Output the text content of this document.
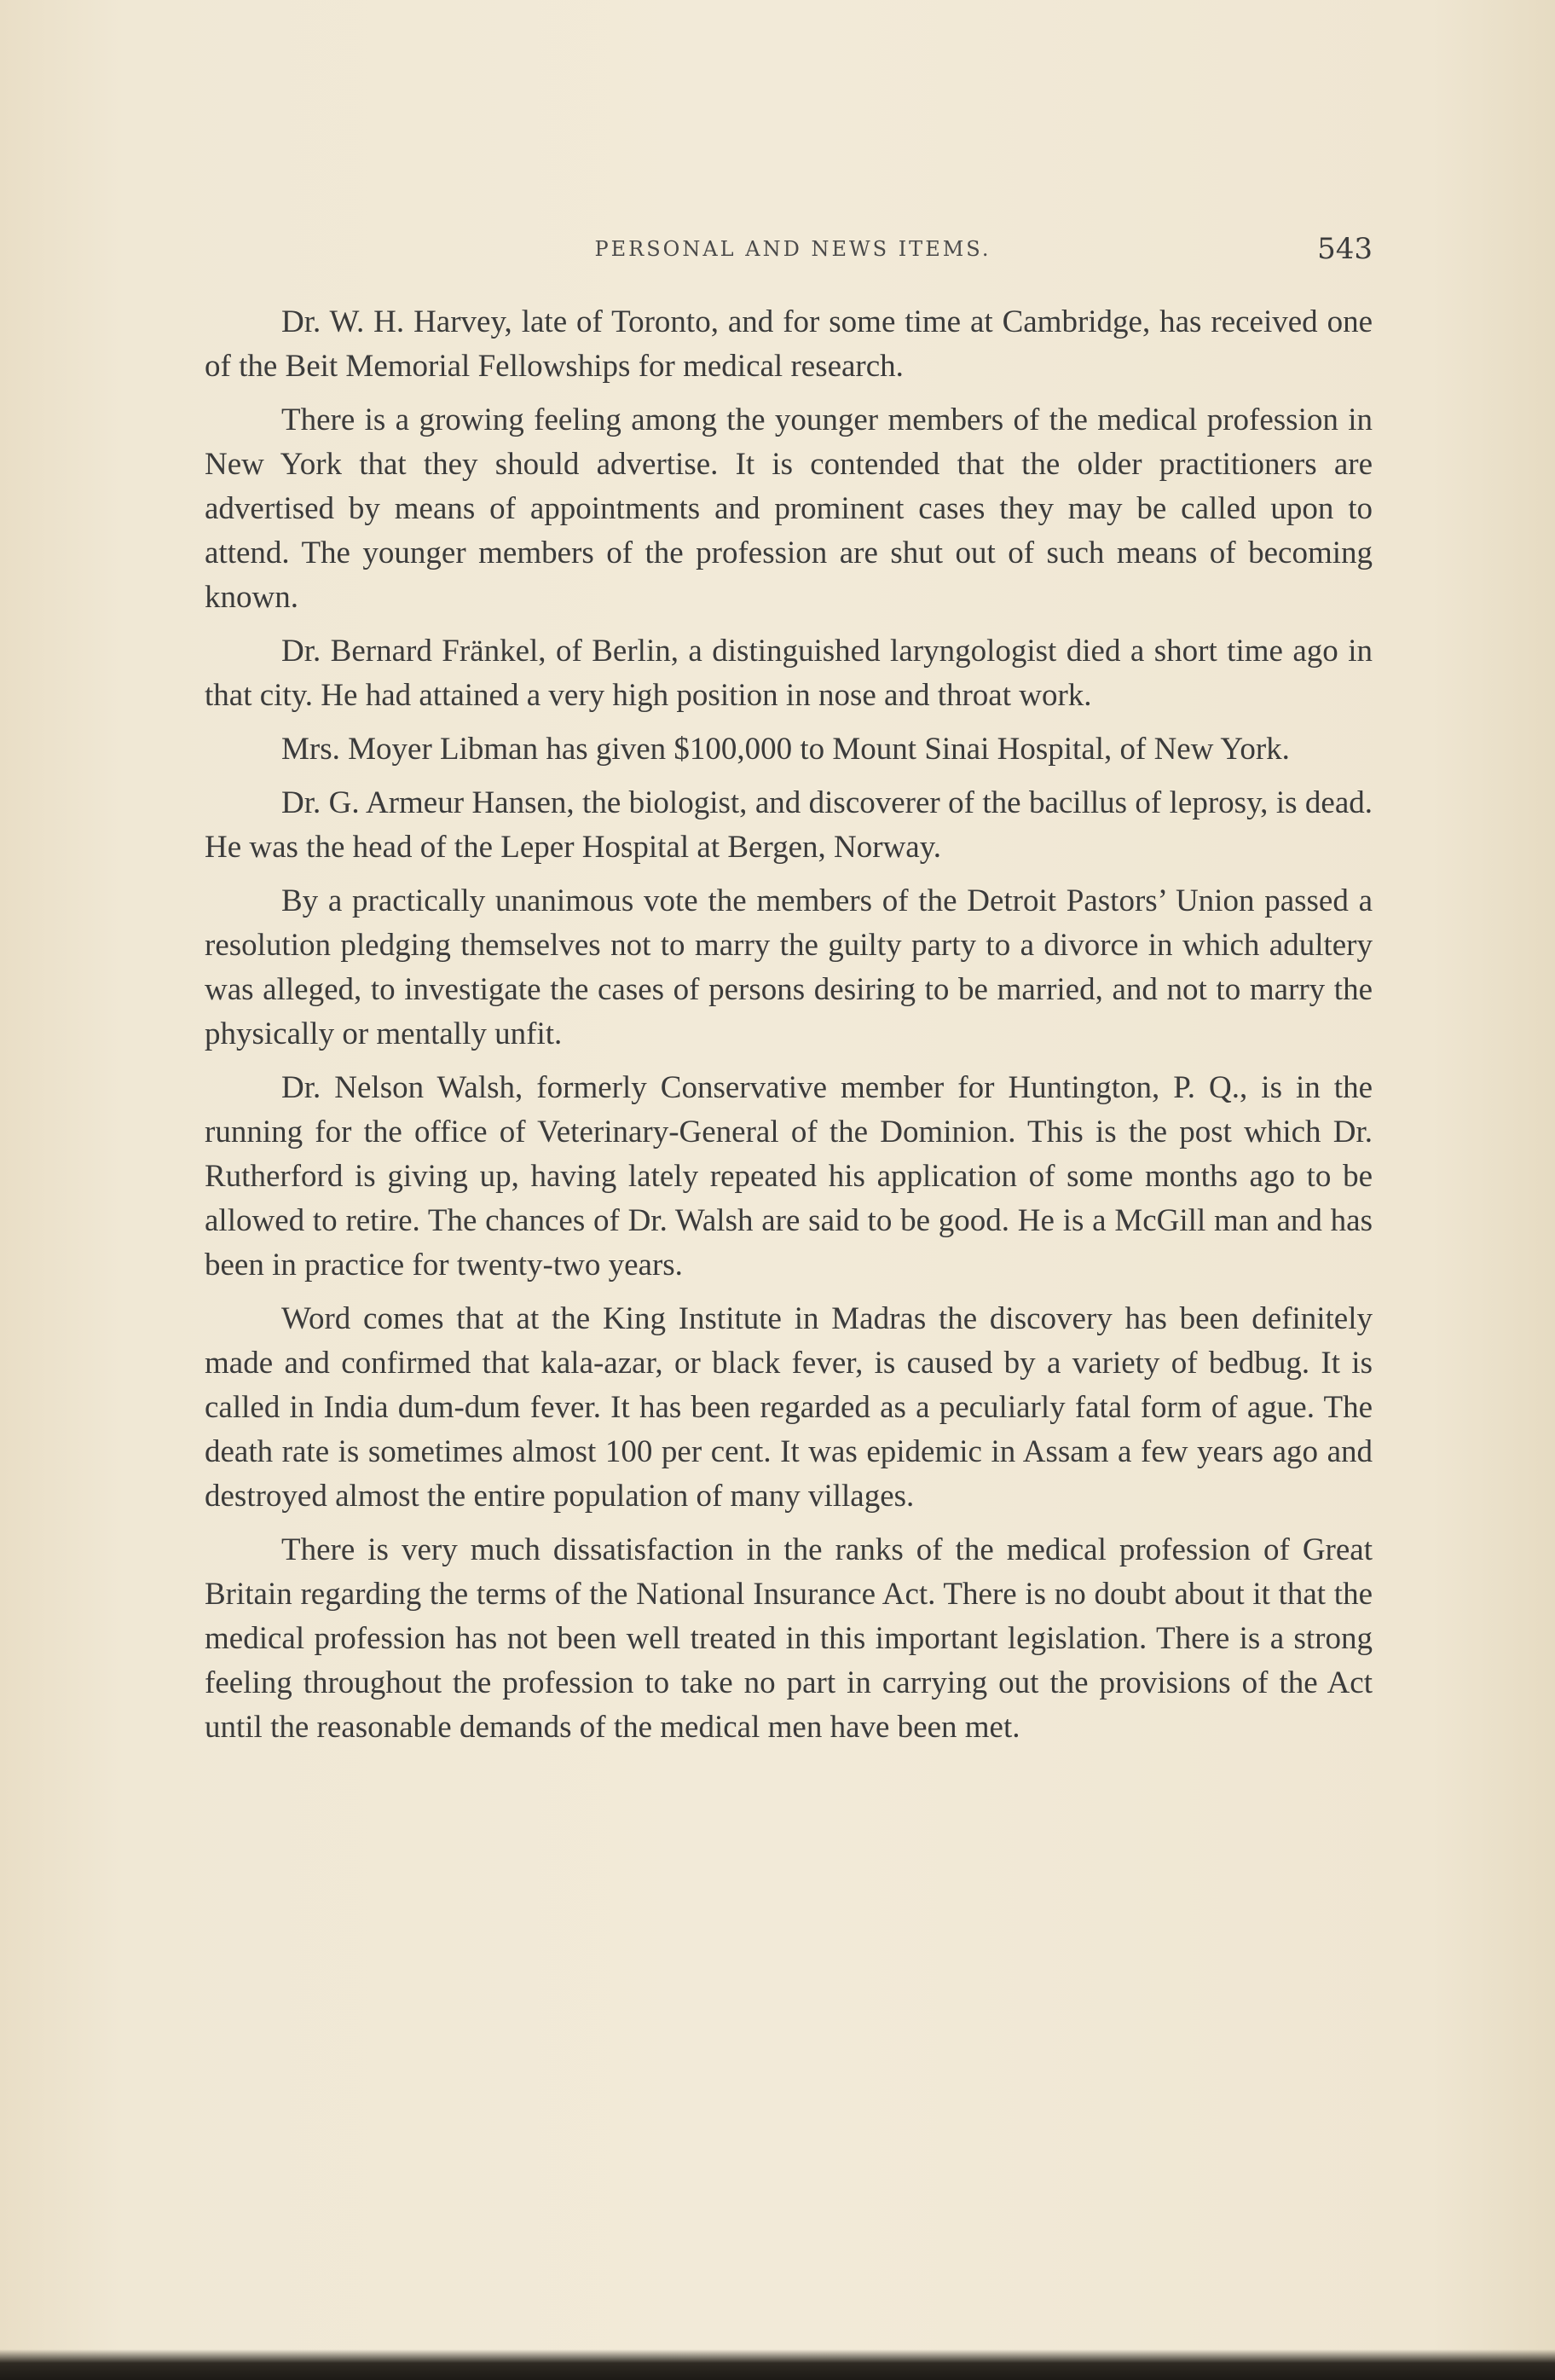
PERSONAL AND NEWS ITEMS.	543

Dr. W. H. Harvey, late of Toronto, and for some time at Cambridge, has received one of the Beit Memorial Fellowships for medical research.

There is a growing feeling among the younger members of the medical profession in New York that they should advertise. It is contended that the older practitioners are advertised by means of appointments and prominent cases they may be called upon to attend. The younger members of the profession are shut out of such means of becoming known.

Dr. Bernard Fränkel, of Berlin, a distinguished laryngologist died a short time ago in that city. He had attained a very high position in nose and throat work.

Mrs. Moyer Libman has given $100,000 to Mount Sinai Hospital, of New York.

Dr. G. Armeur Hansen, the biologist, and discoverer of the bacillus of leprosy, is dead. He was the head of the Leper Hospital at Bergen, Norway.

By a practically unanimous vote the members of the Detroit Pastors’ Union passed a resolution pledging themselves not to marry the guilty party to a divorce in which adultery was alleged, to investigate the cases of persons desiring to be married, and not to marry the physically or mentally unfit.

Dr. Nelson Walsh, formerly Conservative member for Huntington, P. Q., is in the running for the office of Veterinary-General of the Dominion. This is the post which Dr. Rutherford is giving up, having lately repeated his application of some months ago to be allowed to retire. The chances of Dr. Walsh are said to be good. He is a McGill man and has been in practice for twenty-two years.

Word comes that at the King Institute in Madras the discovery has been definitely made and confirmed that kala-azar, or black fever, is caused by a variety of bedbug. It is called in India dum-dum fever. It has been regarded as a peculiarly fatal form of ague. The death rate is sometimes almost 100 per cent. It was epidemic in Assam a few years ago and destroyed almost the entire population of many villages.

There is very much dissatisfaction in the ranks of the medical profession of Great Britain regarding the terms of the National Insurance Act. There is no doubt about it that the medical profession has not been well treated in this important legislation. There is a strong feeling throughout the profession to take no part in carrying out the provisions of the Act until the reasonable demands of the medical men have been met.
